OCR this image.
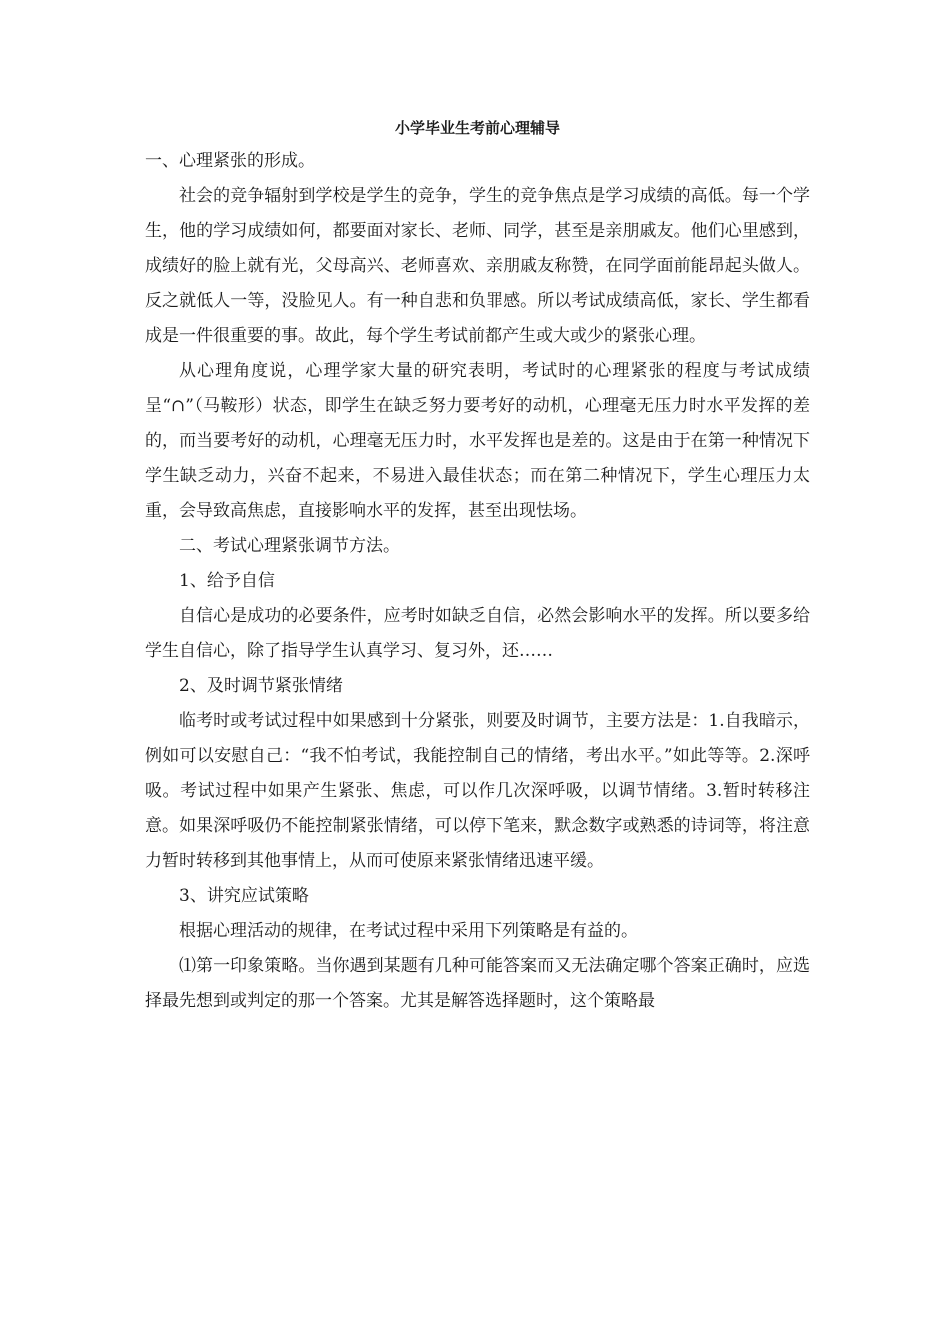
小学毕业生考前心理辅导

一、心理紧张的形成。

社会的竞争辐射到学校是学生的竞争，学生的竞争焦点是学习成绩的高低。每一个学生，他的学习成绩如何，都要面对家长、老师、同学，甚至是亲朋戚友。他们心里感到，成绩好的脸上就有光，父母高兴、老师喜欢、亲朋戚友称赞，在同学面前能昂起头做人。反之就低人一等，没脸见人。有一种自悲和负罪感。所以考试成绩高低，家长、学生都看成是一件很重要的事。故此，每个学生考试前都产生或大或少的紧张心理。

从心理角度说，心理学家大量的研究表明，考试时的心理紧张的程度与考试成绩呈“∩”（马鞍形）状态，即学生在缺乏努力要考好的动机，心理毫无压力时水平发挥的差的，而当要考好的动机，心理毫无压力时，水平发挥也是差的。这是由于在第一种情况下学生缺乏动力，兴奋不起来，不易进入最佳状态；而在第二种情况下，学生心理压力太重，会导致高焦虑，直接影响水平的发挥，甚至出现怯场。

二、考试心理紧张调节方法。

1、给予自信

自信心是成功的必要条件，应考时如缺乏自信，必然会影响水平的发挥。所以要多给学生自信心，除了指导学生认真学习、复习外，还……

2、及时调节紧张情绪

临考时或考试过程中如果感到十分紧张，则要及时调节，主要方法是：1.自我暗示，例如可以安慰自己：“我不怕考试，我能控制自己的情绪，考出水平。”如此等等。2.深呼吸。考试过程中如果产生紧张、焦虑，可以作几次深呼吸，以调节情绪。3.暂时转移注意。如果深呼吸仍不能控制紧张情绪，可以停下笔来，默念数字或熟悉的诗词等，将注意力暂时转移到其他事情上，从而可使原来紧张情绪迅速平缓。

3、讲究应试策略

根据心理活动的规律，在考试过程中采用下列策略是有益的。

⑴第一印象策略。当你遇到某题有几种可能答案而又无法确定哪个答案正确时，应选择最先想到或判定的那一个答案。尤其是解答选择题时，这个策略最
